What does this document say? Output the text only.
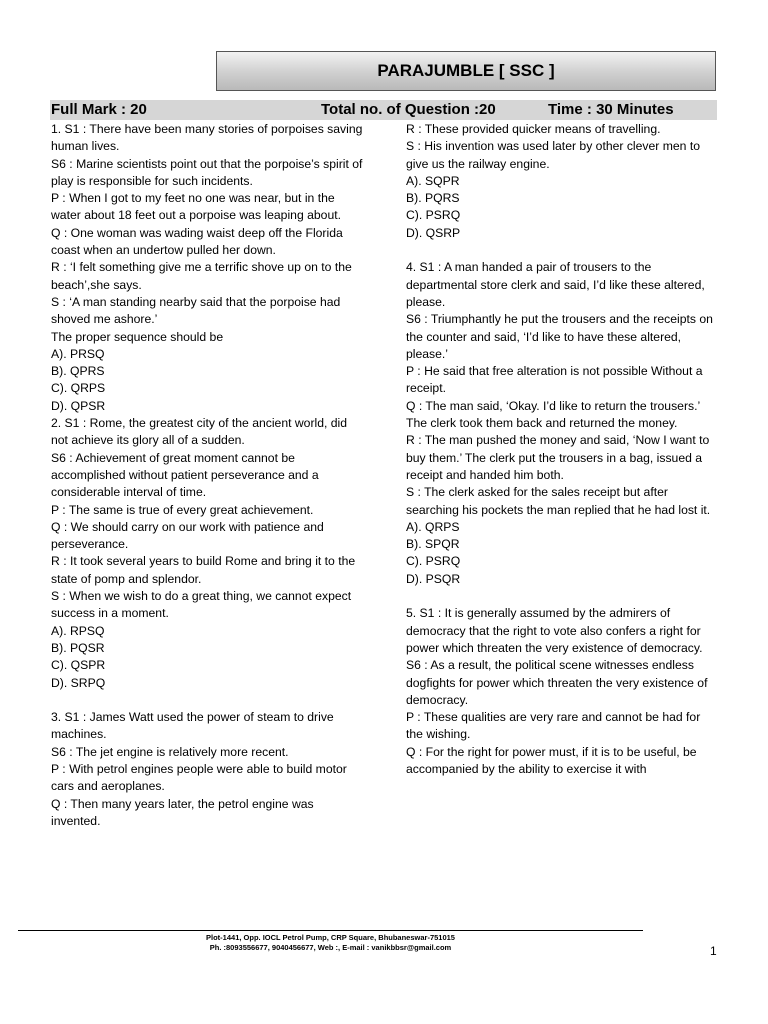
PARAJUMBLE [ SSC ]
Full Mark : 20	Total no. of Question :20	Time : 30 Minutes

1. S1 : There have been many stories of porpoises saving human lives.

S6 : Marine scientists point out that the porpoise’s spirit of play is responsible for such incidents.

P : When I got to my feet no one was near, but in the water about 18 feet out a porpoise was leaping about.

Q : One woman was wading waist deep off the Florida coast when an undertow pulled her down.

R : ‘I felt something give me a terrific shove up on to the beach’,she says.

S : ‘A man standing nearby said that the porpoise had shoved me ashore.’

The proper sequence should be

A). PRSQ

B). QPRS

C). QRPS

D). QPSR

2. S1 : Rome, the greatest city of the ancient world, did not achieve its glory all of a sudden.

S6 : Achievement of great moment cannot be accomplished without patient perseverance and a considerable interval of time.

P : The same is true of every great achievement.

Q : We should carry on our work with patience and perseverance.

R : It took several years to build Rome and bring it to the state of pomp and splendor.

S : When we wish to do a great thing, we cannot expect success in a moment.

A). RPSQ

B). PQSR

C). QSPR

D). SRPQ

3. S1 : James Watt used the power of steam to drive machines.

S6 : The jet engine is relatively more recent.

P : With petrol engines people were able to build motor cars and aeroplanes.

Q : Then many years later, the petrol engine was invented.

R : These provided quicker means of travelling.

S : His invention was used later by other clever men to give us the railway engine.

A). SQPR

B). PQRS

C). PSRQ

D). QSRP

4. S1 : A man handed a pair of trousers to the departmental store clerk and said, I’d like these altered, please.

S6 : Triumphantly he put the trousers and the receipts on the counter and said, ‘I’d like to have these altered, please.’

P : He said that free alteration is not possible Without a receipt.

Q : The man said, ‘Okay. I’d like to return the trousers.’ The clerk took them back and returned the money.

R : The man pushed the money and said, ‘Now I want to buy them.’ The clerk put the trousers in a bag, issued a receipt and handed him both.

S : The clerk asked for the sales receipt but after searching his pockets the man replied that he had lost it.

A). QRPS

B). SPQR

C). PSRQ

D). PSQR

5. S1 : It is generally assumed by the admirers of democracy that the right to vote also confers a right for power which threaten the very existence of democracy.

S6 : As a result, the political scene witnesses endless dogfights for power which threaten the very existence of democracy.

P : These qualities are very rare and cannot be had for the wishing.

Q : For the right for power must, if it is to be useful, be accompanied by the ability to exercise it with

Plot-1441, Opp. IOCL Petrol Pump, CRP Square, Bhubaneswar-751015
Ph. :8093556677, 9040456677, Web :, E-mail : vanikbbsr@gmail.com	1
